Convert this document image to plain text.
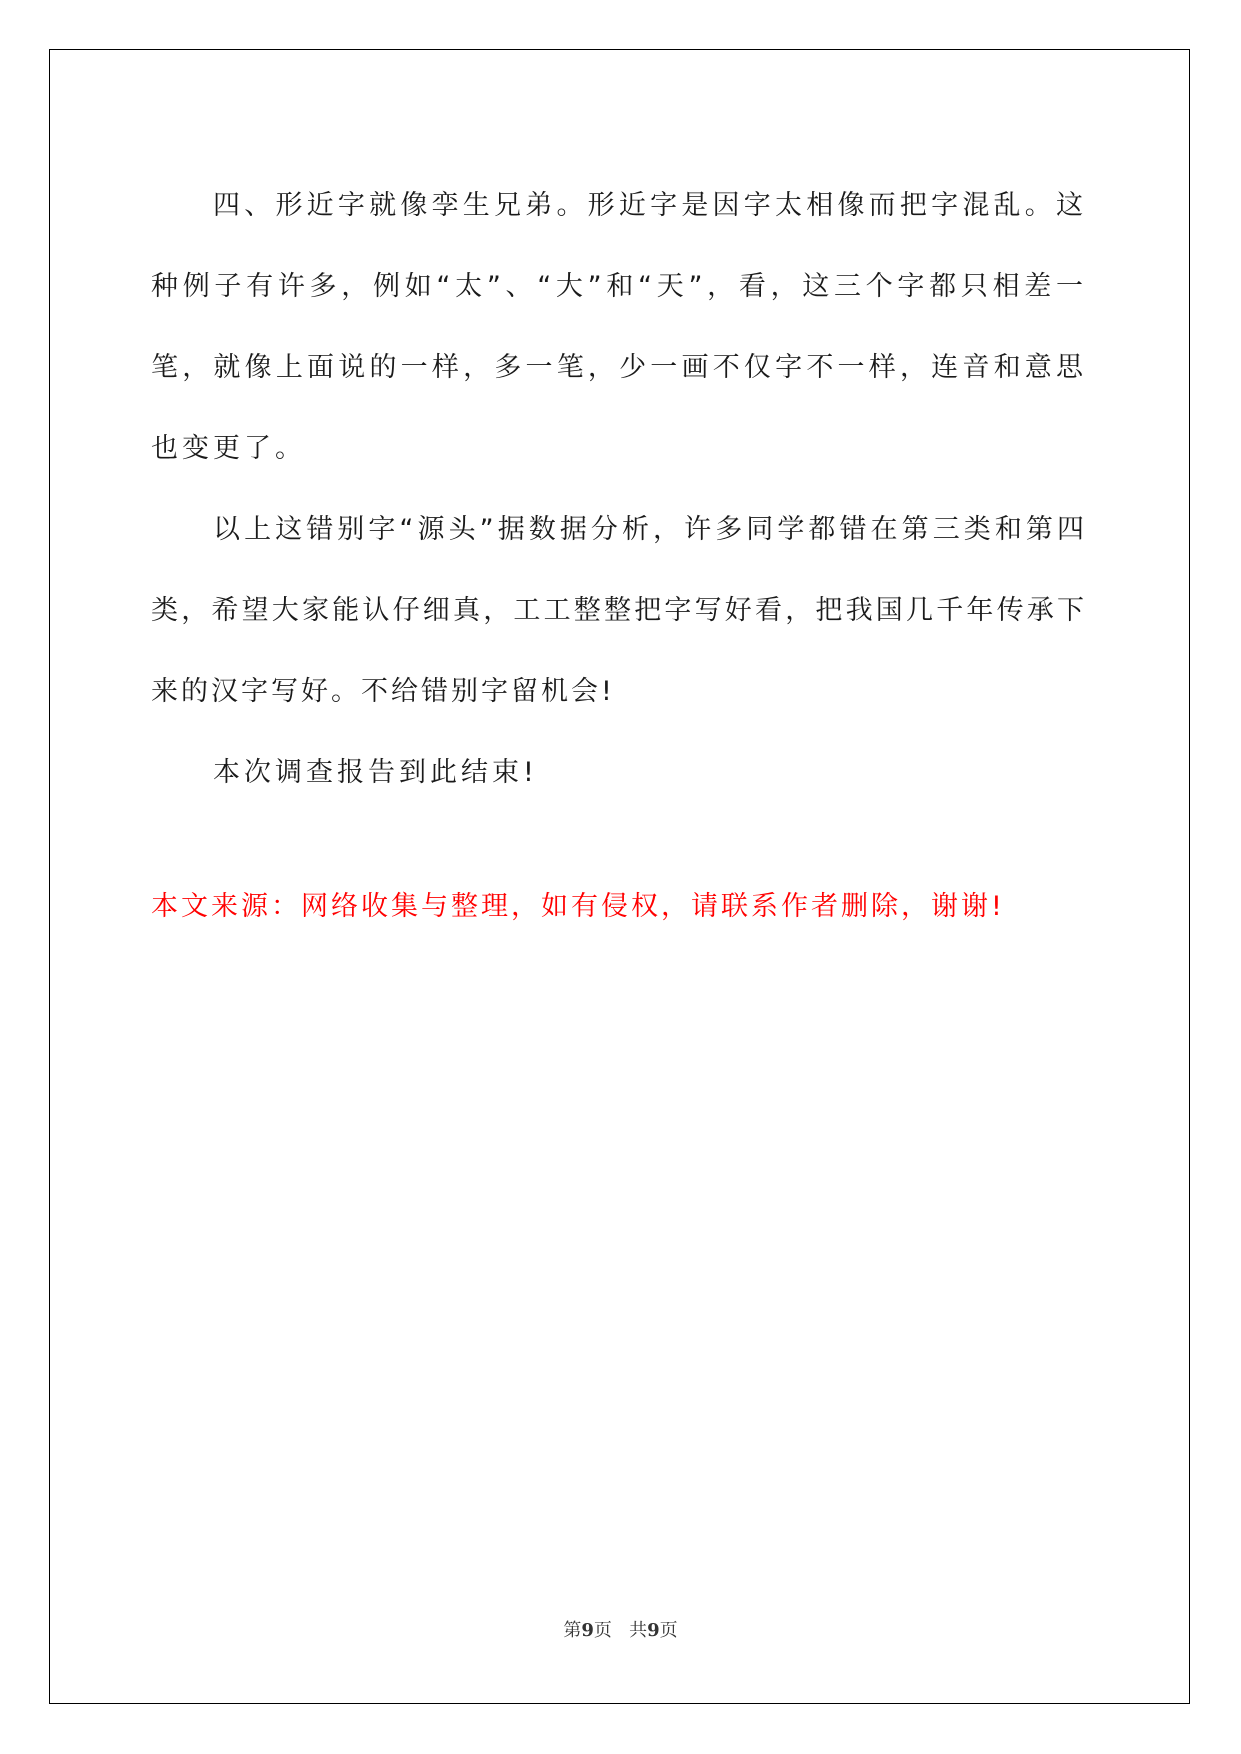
四、形近字就像孪生兄弟。形近字是因字太相像而把字混乱。这种例子有许多，例如“太”、“大”和“天”，看，这三个字都只相差一笔，就像上面说的一样，多一笔，少一画不仅字不一样，连音和意思也变更了。

以上这错别字“源头”据数据分析，许多同学都错在第三类和第四类，希望大家能认仔细真，工工整整把字写好看，把我国几千年传承下来的汉字写好。不给错别字留机会!

本次调查报告到此结束!

本文来源：网络收集与整理，如有侵权，请联系作者删除，谢谢!

第9页 共9页
